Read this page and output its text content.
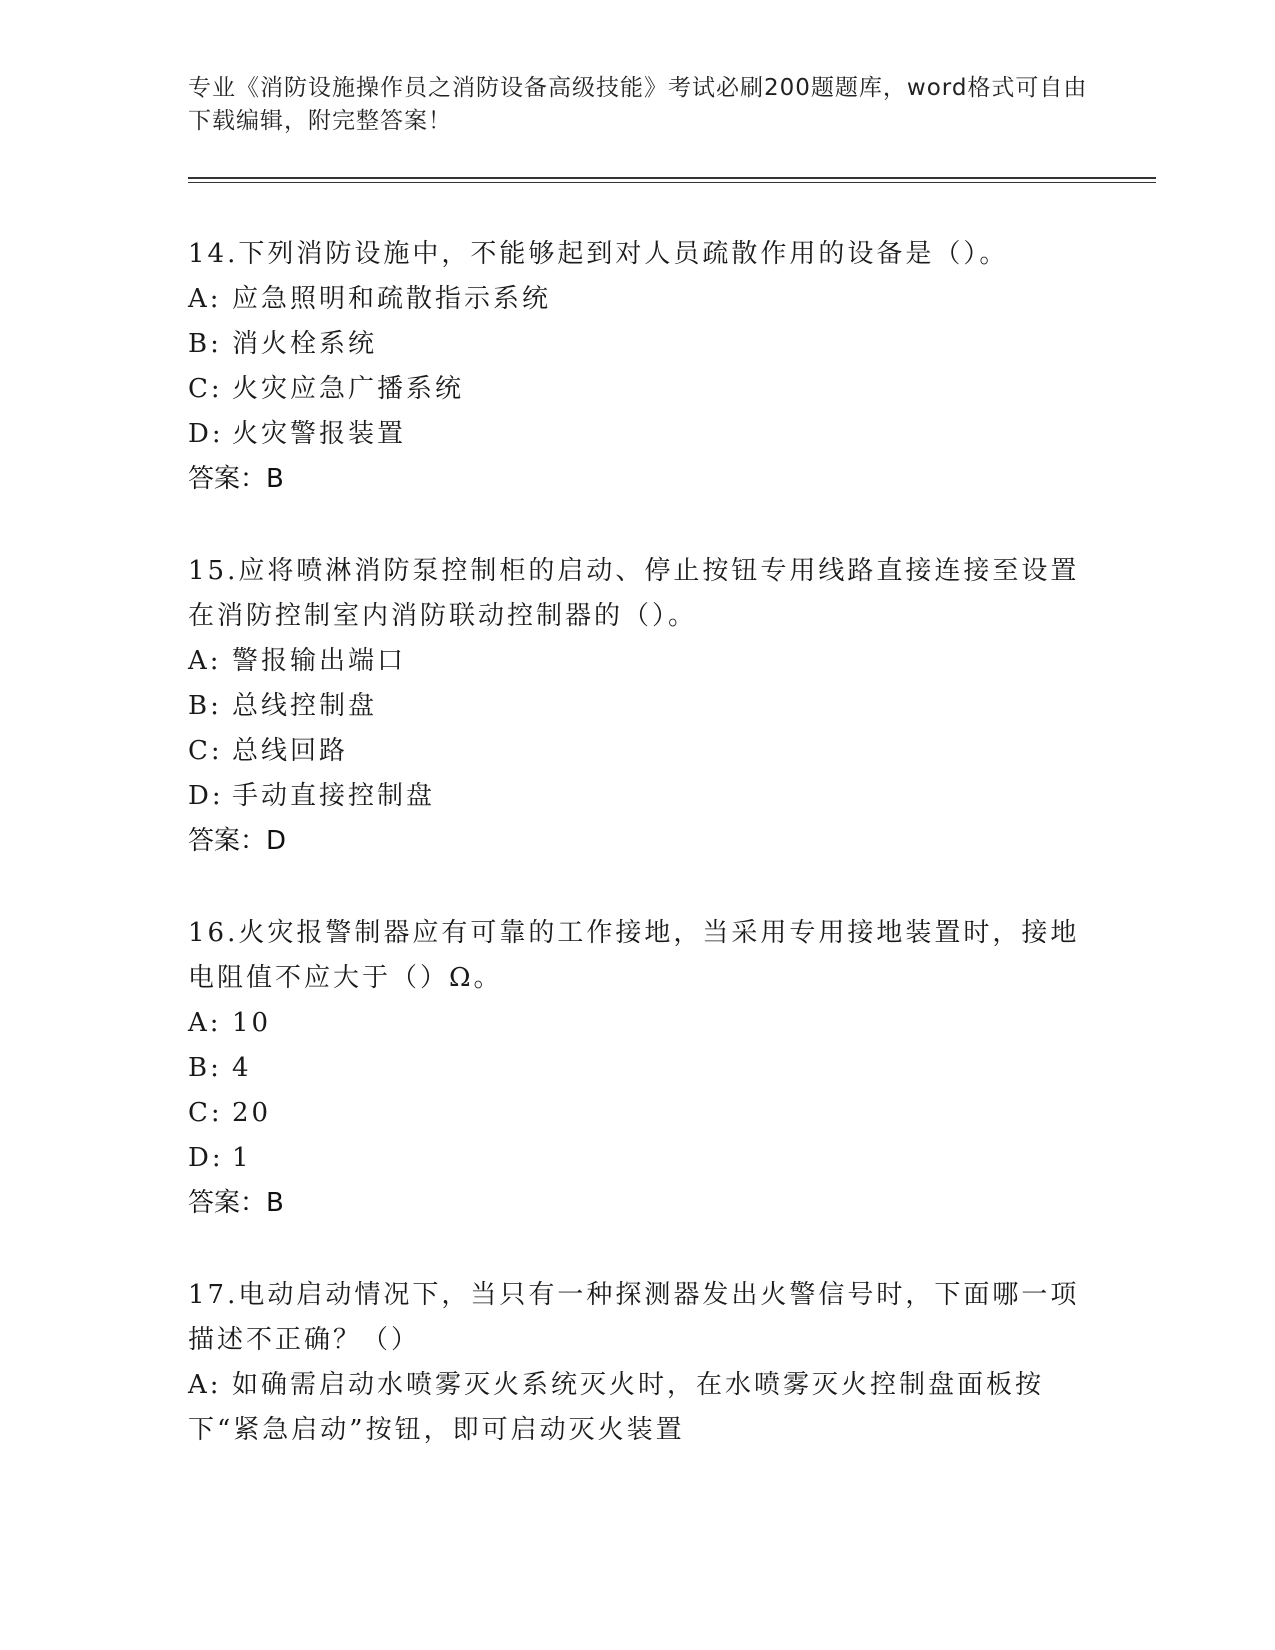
专业《消防设施操作员之消防设备高级技能》考试必刷200题题库，word格式可自由下载编辑，附完整答案！

14.下列消防设施中，不能够起到对人员疏散作用的设备是（）。

A: 应急照明和疏散指示系统
B: 消火栓系统
C: 火灾应急广播系统
D: 火灾警报装置
答案：B

15.应将喷淋消防泵控制柜的启动、停止按钮专用线路直接连接至设置在消防控制室内消防联动控制器的（）。

A: 警报输出端口
B: 总线控制盘
C: 总线回路
D: 手动直接控制盘
答案：D

16.火灾报警制器应有可靠的工作接地，当采用专用接地装置时，接地电阻值不应大于（）Ω。

A: 10
B: 4
C: 20
D: 1
答案：B

17.电动启动情况下，当只有一种探测器发出火警信号时，下面哪一项描述不正确？（）

A: 如确需启动水喷雾灭火系统灭火时，在水喷雾灭火控制盘面板按下“紧急启动”按钮，即可启动灭火装置
